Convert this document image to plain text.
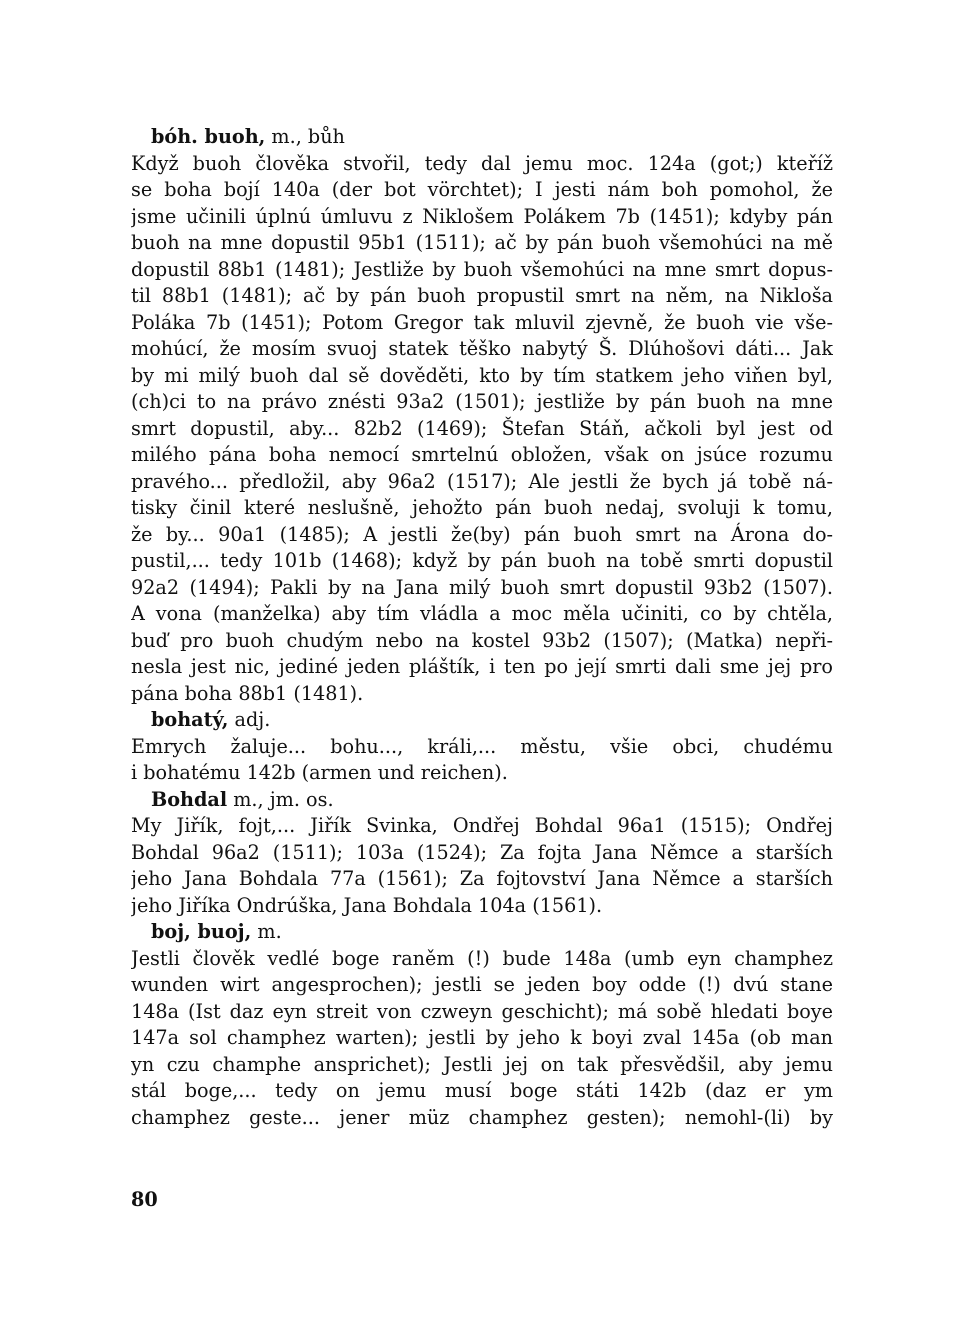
bóh. buoh, m., bůh
Když buoh člověka stvořil, tedy dal jemu moc. 124a (got;) kteříž
se boha bojí 140a (der bot vörchtet); I jesti nám boh pomohol, že
jsme učinili úplnú úmluvu z Niklošem Polákem 7b (1451); kdyby pán
buoh na mne dopustil 95b1 (1511); ač by pán buoh všemohúci na mě
dopustil 88b1 (1481); Jestliže by buoh všemohúci na mne smrt dopus-
til 88b1 (1481); ač by pán buoh propustil smrt na něm, na Nikloša
Poláka 7b (1451); Potom Gregor tak mluvil zjevně, že buoh vie vše-
mohúcí, že mosím svuoj statek těško nabytý Š. Dlúhošovi dáti... Jak
by mi milý buoh dal sě dověděti, kto by tím statkem jeho viňen byl,
(ch)ci to na právo znésti 93a2 (1501); jestliže by pán buoh na mne
smrt dopustil, aby... 82b2 (1469); Štefan Stáň, ačkoli byl jest od
milého pána boha nemocí smrtelnú obložen, však on jsúce rozumu
pravého... předložil, aby 96a2 (1517); Ale jestli že bych já tobě ná-
tisky činil které neslušně, jehožto pán buoh nedaj, svoluji k tomu,
že by... 90a1 (1485); A jestli že(by) pán buoh smrt na Árona do-
pustil,... tedy 101b (1468); když by pán buoh na tobě smrti dopustil
92a2 (1494); Pakli by na Jana milý buoh smrt dopustil 93b2 (1507).
A vona (manželka) aby tím vládla a moc měla učiniti, co by chtěla,
buď pro buoh chudým nebo na kostel 93b2 (1507); (Matka) nepři-
nesla jest nic, jediné jeden pláštík, i ten po její smrti dali sme jej pro
pána boha 88b1 (1481).
bohatý, adj.
Emrych žaluje... bohu..., králi,... městu, všie obci, chudému
i bohatému 142b (armen und reichen).
Bohdal m., jm. os.
My Jiřík, fojt,... Jiřík Svinka, Ondřej Bohdal 96a1 (1515); Ondřej
Bohdal 96a2 (1511); 103a (1524); Za fojta Jana Němce a starších
jeho Jana Bohdala 77a (1561); Za fojtovství Jana Němce a starších
jeho Jiříka Ondrúška, Jana Bohdala 104a (1561).
boj, buoj, m.
Jestli člověk vedlé boge raněm (!) bude 148a (umb eyn champhez
wunden wirt angesprochen); jestli se jeden boy odde (!) dvú stane
148a (Ist daz eyn streit von czweyn geschicht); má sobě hledati boye
147a sol champhez warten); jestli by jeho k boyi zval 145a (ob man
yn czu champhe ansprichet); Jestli jej on tak přesvědšil, aby jemu
stál boge,... tedy on jemu musí boge státi 142b (daz er ym
champhez geste... jener müz champhez gesten); nemohl-(li) by
80
